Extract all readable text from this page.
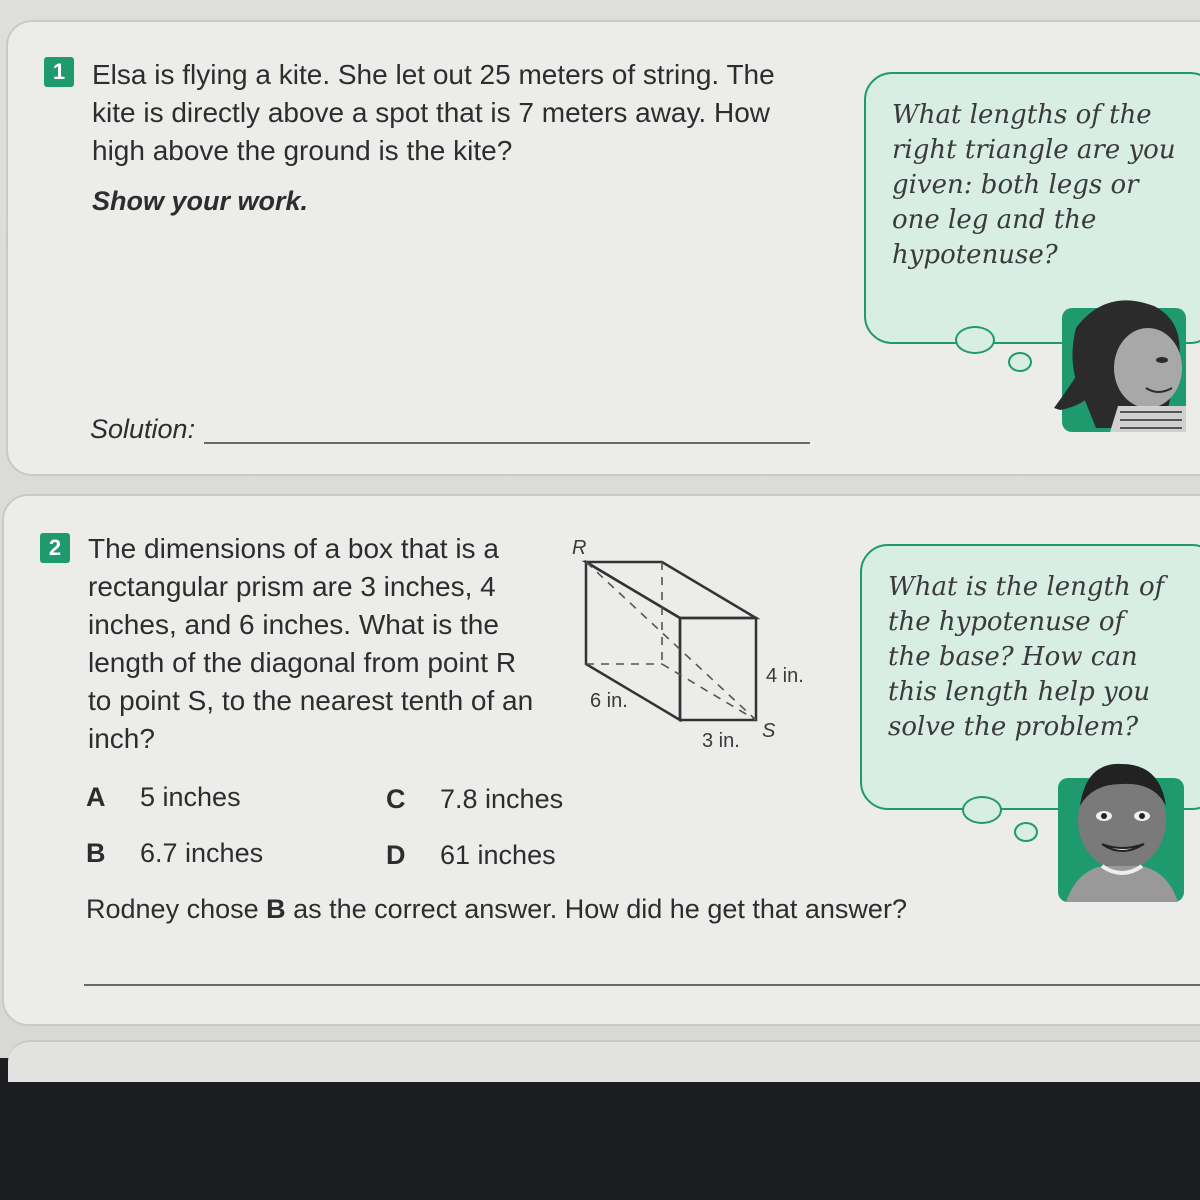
1 Elsa is flying a kite. She let out 25 meters of string. The kite is directly above a spot that is 7 meters away. How high above the ground is the kite?
Show your work.
Solution:
What lengths of the
right triangle are you
given: both legs or
one leg and the
hypotenuse?
2 The dimensions of a box that is a rectangular prism are 3 inches, 4 inches, and 6 inches. What is the length of the diagonal from point R to point S, to the nearest tenth of an inch?
R
S
4 in.
6 in.
3 in.
A 5 inches
B 6.7 inches
C 7.8 inches
D 61 inches
Rodney chose B as the correct answer. How did he get that answer?
What is the length of
the hypotenuse of
the base? How can
this length help you
solve the problem?
